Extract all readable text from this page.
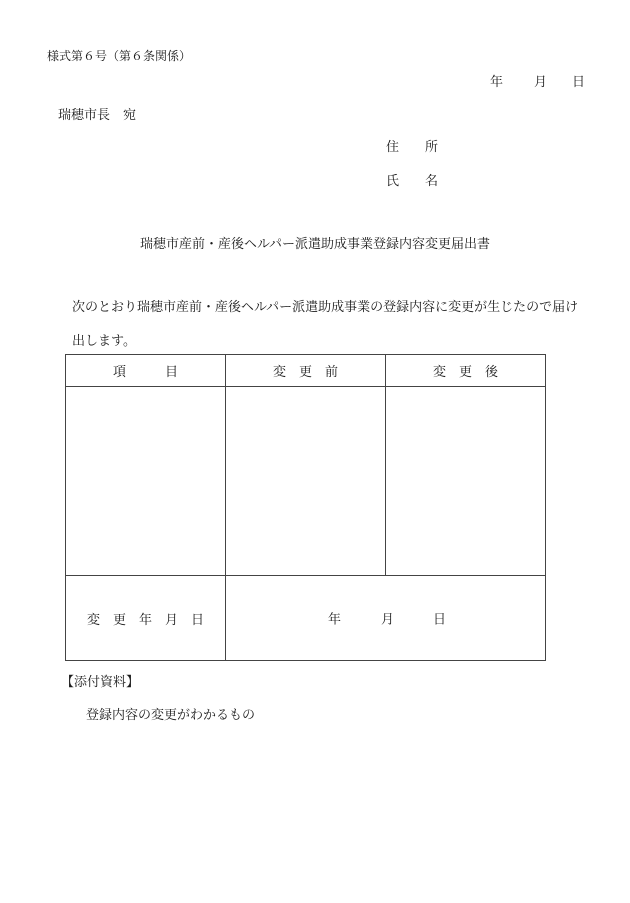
様式第６号（第６条関係）
年 月 日
瑞穂市長　宛
住　　所
氏　　名
瑞穂市産前・産後ヘルパー派遣助成事業登録内容変更届出書
次のとおり瑞穂市産前・産後ヘルパー派遣助成事業の登録内容に変更が生じたので届け
出します。
項　　　目	変　更　前	変　更　後

変　更　年　月　日	年 月 日	
【添付資料】
登録内容の変更がわかるもの
